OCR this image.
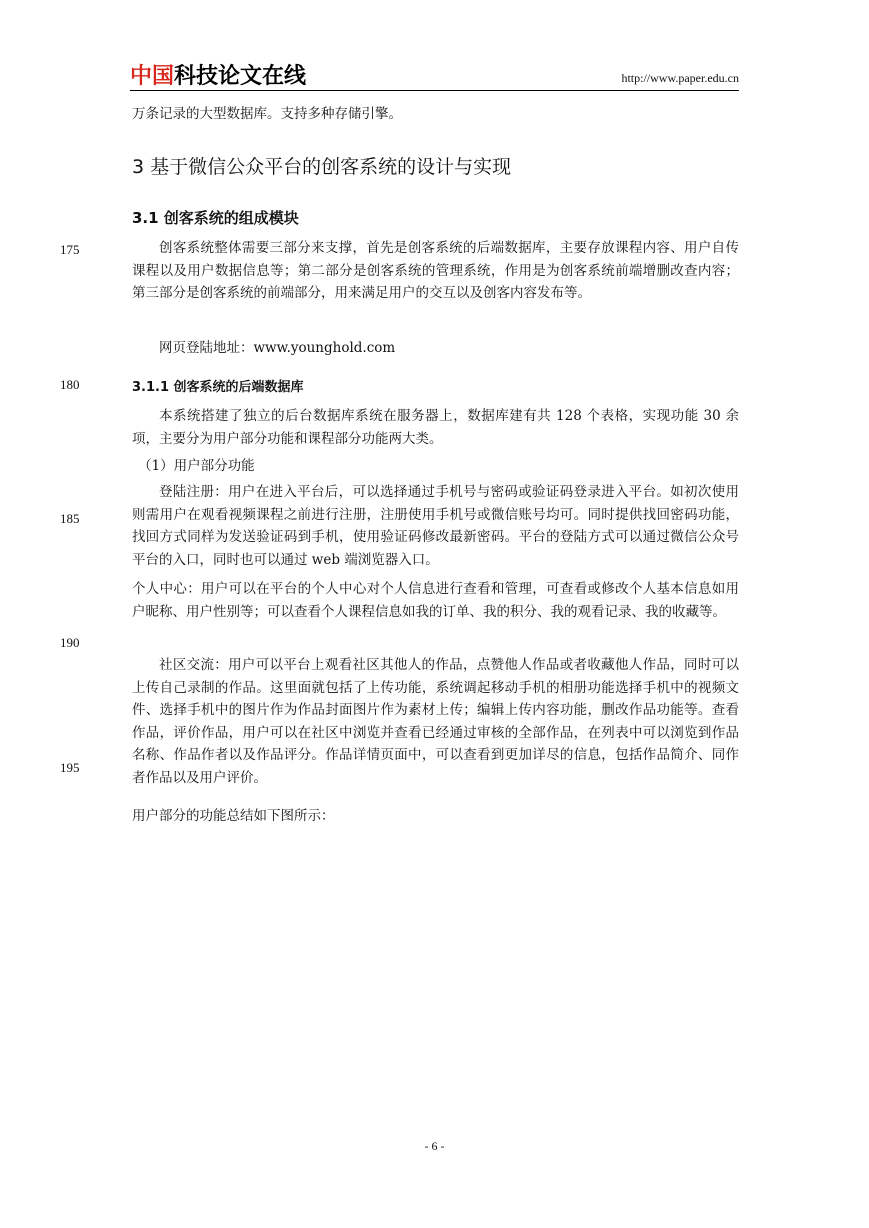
中国科技论文在线	http://www.paper.edu.cn
175
180
185
190
195

万条记录的大型数据库。支持多种存储引擎。

3 基于微信公众平台的创客系统的设计与实现
3.1 创客系统的组成模块

创客系统整体需要三部分来支撑，首先是创客系统的后端数据库，主要存放课程内容、用户自传课程以及用户数据信息等；第二部分是创客系统的管理系统，作用是为创客系统前端增删改查内容；第三部分是创客系统的前端部分，用来满足用户的交互以及创客内容发布等。

网页登陆地址：www.younghold.com

3.1.1 创客系统的后端数据库

本系统搭建了独立的后台数据库系统在服务器上，数据库建有共 128 个表格，实现功能 30 余项，主要分为用户部分功能和课程部分功能两大类。

（1）用户部分功能

登陆注册：用户在进入平台后，可以选择通过手机号与密码或验证码登录进入平台。如初次使用则需用户在观看视频课程之前进行注册，注册使用手机号或微信账号均可。同时提供找回密码功能，找回方式同样为发送验证码到手机，使用验证码修改最新密码。平台的登陆方式可以通过微信公众号平台的入口，同时也可以通过 web 端浏览器入口。

个人中心：用户可以在平台的个人中心对个人信息进行查看和管理，可查看或修改个人基本信息如用户昵称、用户性别等；可以查看个人课程信息如我的订单、我的积分、我的观看记录、我的收藏等。

社区交流：用户可以平台上观看社区其他人的作品，点赞他人作品或者收藏他人作品，同时可以上传自己录制的作品。这里面就包括了上传功能，系统调起移动手机的相册功能选择手机中的视频文件、选择手机中的图片作为作品封面图片作为素材上传；编辑上传内容功能，删改作品功能等。查看作品，评价作品，用户可以在社区中浏览并查看已经通过审核的全部作品，在列表中可以浏览到作品名称、作品作者以及作品评分。作品详情页面中，可以查看到更加详尽的信息，包括作品简介、同作者作品以及用户评价。

用户部分的功能总结如下图所示：

- 6 -
